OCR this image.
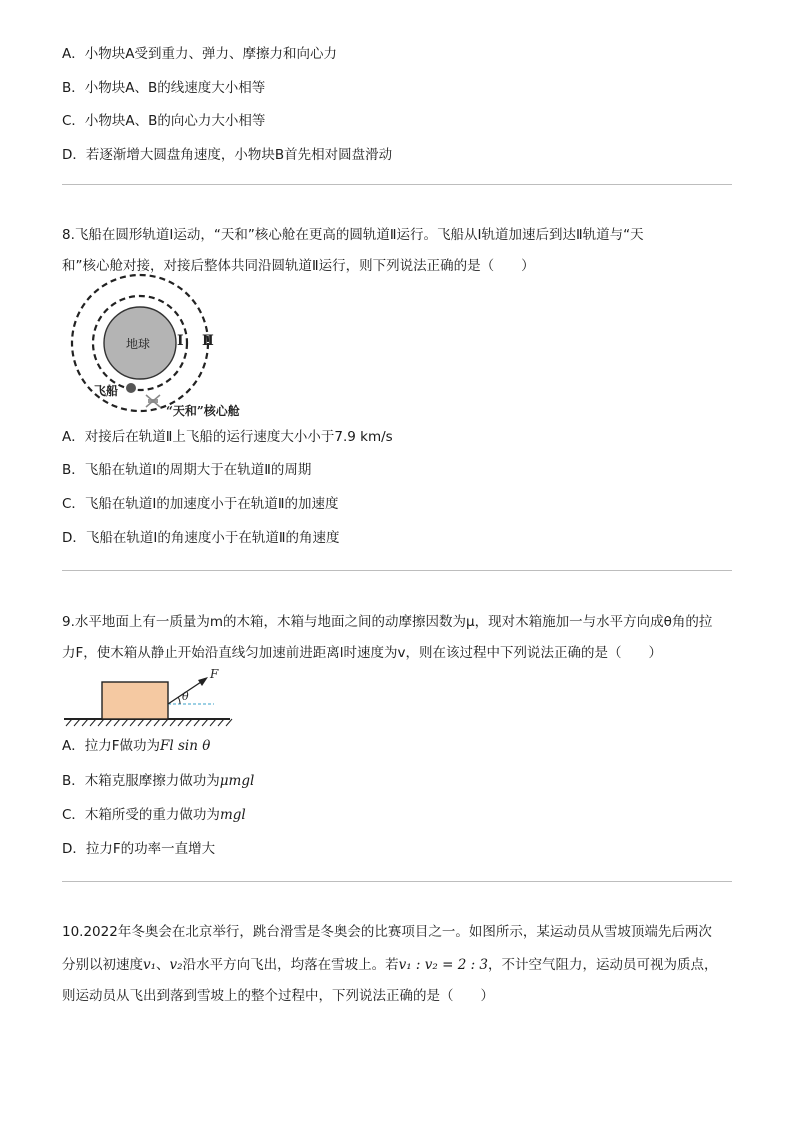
A．小物块A受到重力、弹力、摩擦力和向心力
B．小物块A、B的线速度大小相等
C．小物块A、B的向心力大小相等
D．若逐渐增大圆盘角速度，小物块B首先相对圆盘滑动
8.飞船在圆形轨道Ⅰ运动，“天和”核心舱在更高的圆轨道Ⅱ运行。飞船从Ⅰ轨道加速后到达Ⅱ轨道与“天
和”核心舱对接，对接后整体共同沿圆轨道Ⅱ运行，则下列说法正确的是（　　）
地球 Ⅰ Ⅱ
飞船
“天和”核心舱
A．对接后在轨道Ⅱ上飞船的运行速度大小小于7.9 km/s
B．飞船在轨道Ⅰ的周期大于在轨道Ⅱ的周期
C．飞船在轨道Ⅰ的加速度小于在轨道Ⅱ的加速度
D．飞船在轨道Ⅰ的角速度小于在轨道Ⅱ的角速度
9.水平地面上有一质量为m的木箱，木箱与地面之间的动摩擦因数为μ，现对木箱施加一与水平方向成θ角的拉
力F，使木箱从静止开始沿直线匀加速前进距离l时速度为v，则在该过程中下列说法正确的是（　　）
F
θ
A．拉力F做功为Fl sin θ
B．木箱克服摩擦力做功为μmgl
C．木箱所受的重力做功为mgl
D．拉力F的功率一直增大
10.2022年冬奥会在北京举行，跳台滑雪是冬奥会的比赛项目之一。如图所示，某运动员从雪坡顶端先后两次
分别以初速度v₁、v₂沿水平方向飞出，均落在雪坡上。若v₁ : v₂ = 2 : 3，不计空气阻力，运动员可视为质点，
则运动员从飞出到落到雪坡上的整个过程中，下列说法正确的是（　　）
